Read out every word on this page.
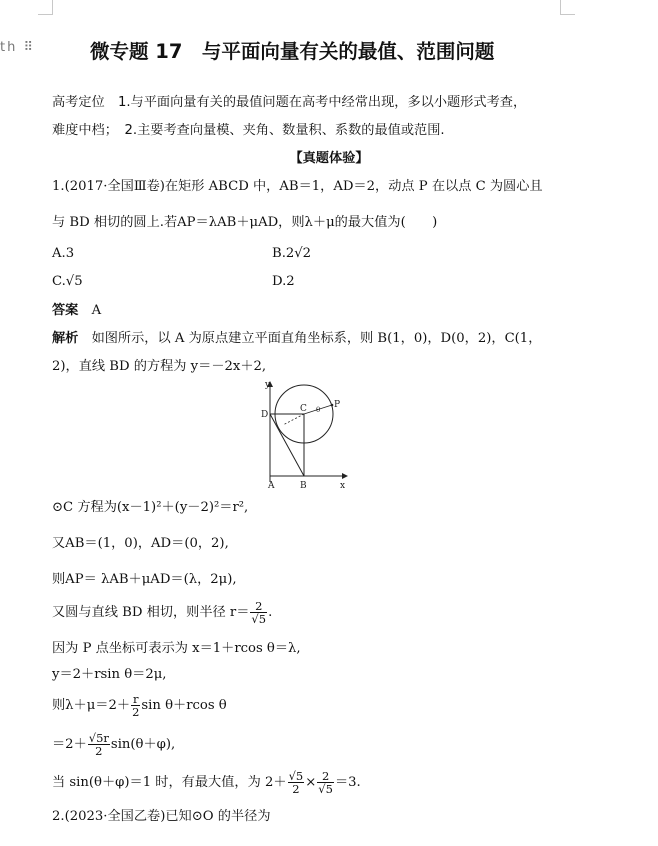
th ⠿	微专题 17　与平面向量有关的最值、范围问题
高考定位　 1.与平面向量有关的最值问题在高考中经常出现，多以小题形式考查，
难度中档；　2.主要考查向量模、夹角、数量积、系数的最值或范围.
【真题体验】
1.(2017·全国Ⅲ卷)在矩形 ABCD 中，AB＝1，AD＝2，动点 P 在以点 C 为圆心且
与 BD 相切的圆上.若AP＝λAB＋μAD，则λ＋μ的最大值为(　　)
A.3	B.2√2
C.√5	D.2
答案　 A
解析　 如图所示，以 A 为原点建立平面直角坐标系，则 B(1，0)，D(0，2)，C(1，
2)，直线 BD 的方程为 y＝－2x＋2,
y
x
A	B
D
C θ P
⊙C 方程为(x－1)²＋(y－2)²＝r²,
又AB＝(1，0)，AD＝(0，2),
则AP＝ λAB＋μAD＝(λ，2μ),
又圆与直线 BD 相切，则半径 $r= \frac{2}{√5}$ .
因为 P 点坐标可表示为 x＝1＋rcos θ＝λ,
y＝2＋rsin θ＝2μ,
则$\lambda+\mu=2+ \frac{r}{2}$ sin θ＋rcos θ
$=2+ \frac{√5r}{2} \sin(\theta+\varphi)$,
当 sin(θ＋φ)＝1 时，有最大值，为 $2+ \frac{√5}{2} \times \frac{2}{√5} =3$.
2.(2023·全国乙卷)已知⊙O 的半径为
